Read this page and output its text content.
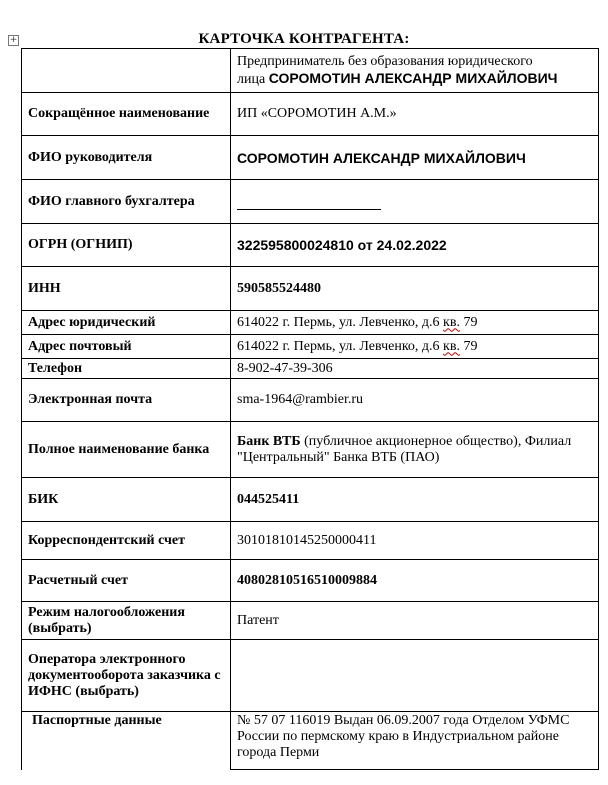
+	КАРТОЧКА КОНТРАГЕНТА:
	Предприниматель без образования юридического
лица СОРОМОТИН АЛЕКСАНДР МИХАЙЛОВИЧ
Сокращённое наименование	ИП «СОРОМОТИН А.М.»
ФИО руководителя	СОРОМОТИН АЛЕКСАНДР МИХАЙЛОВИЧ
ФИО главного бухгалтера	
ОГРН (ОГНИП)	322595800024810 от 24.02.2022
ИНН	590585524480
Адрес юридический	614022 г. Пермь, ул. Левченко, д.6 кв. 79
Адрес почтовый	614022 г. Пермь, ул. Левченко, д.6 кв. 79
Телефон	8-902-47-39-306
Электронная почта	sma-1964@rambier.ru
Полное наименование банка	Банк ВТБ (публичное акционерное общество), Филиал "Центральный" Банка ВТБ (ПАО)
БИК	044525411
Корреспондентский счет	30101810145250000411
Расчетный счет	40802810516510009884
Режим налогообложения (выбрать)	Патент
Оператора электронного документооборота заказчика с ИФНС (выбрать)	
Паспортные данные	№ 57 07 116019 Выдан 06.09.2007 года Отделом УФМС России по пермскому краю в Индустриальном районе города Перми
